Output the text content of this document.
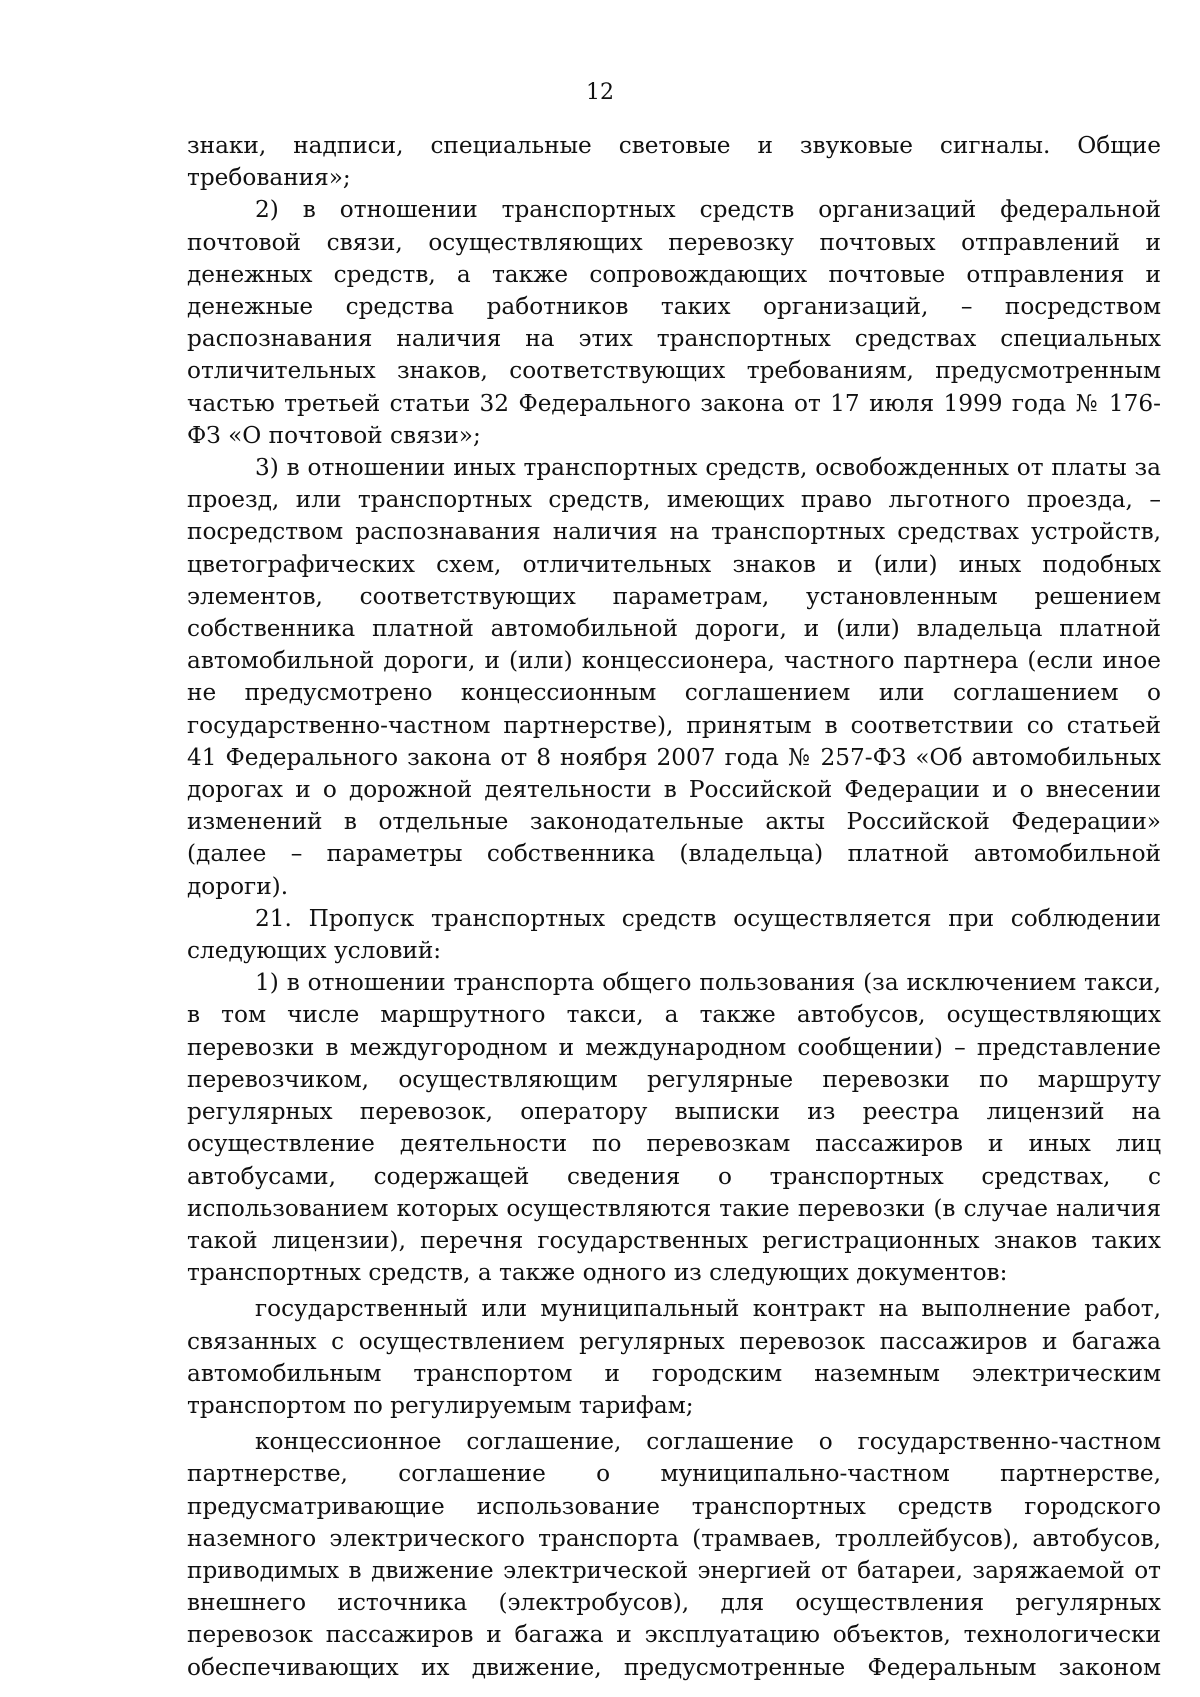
12

знаки, надписи, специальные световые и звуковые сигналы. Общие требования»;

2) в отношении транспортных средств организаций федеральной почтовой связи, осуществляющих перевозку почтовых отправлений и денежных средств, а также сопровождающих почтовые отправления и денежные средства работников таких организаций, – посредством распознавания наличия на этих транспортных средствах специальных отличительных знаков, соответствующих требованиям, предусмотренным частью третьей статьи 32 Федерального закона от 17 июля 1999 года № 176-ФЗ «О почтовой связи»;

3) в отношении иных транспортных средств, освобожденных от платы за проезд, или транспортных средств, имеющих право льготного проезда, – посредством распознавания наличия на транспортных средствах устройств, цветографических схем, отличительных знаков и (или) иных подобных элементов, соответствующих параметрам, установленным решением собственника платной автомобильной дороги, и (или) владельца платной автомобильной дороги, и (или) концессионера, частного партнера (если иное не предусмотрено концессионным соглашением или соглашением о государственно-частном партнерстве), принятым в соответствии со статьей 41 Федерального закона от 8 ноября 2007 года № 257-ФЗ «Об автомобильных дорогах и о дорожной деятельности в Российской Федерации и о внесении изменений в отдельные законодательные акты Российской Федерации» (далее – параметры собственника (владельца) платной автомобильной дороги).

21. Пропуск транспортных средств осуществляется при соблюдении следующих условий:

1) в отношении транспорта общего пользования (за исключением такси, в том числе маршрутного такси, а также автобусов, осуществляющих перевозки в междугородном и международном сообщении) – представление перевозчиком, осуществляющим регулярные перевозки по маршруту регулярных перевозок, оператору выписки из реестра лицензий на осуществление деятельности по перевозкам пассажиров и иных лиц автобусами, содержащей сведения о транспортных средствах, с использованием которых осуществляются такие перевозки (в случае наличия такой лицензии), перечня государственных регистрационных знаков таких транспортных средств, а также одного из следующих документов:

государственный или муниципальный контракт на выполнение работ, связанных с осуществлением регулярных перевозок пассажиров и багажа автомобильным транспортом и городским наземным электрическим транспортом по регулируемым тарифам;

концессионное соглашение, соглашение о государственно-частном партнерстве, соглашение о муниципально-частном партнерстве, предусматривающие использование транспортных средств городского наземного электрического транспорта (трамваев, троллейбусов), автобусов, приводимых в движение электрической энергией от батареи, заряжаемой от внешнего источника (электробусов), для осуществления регулярных перевозок пассажиров и багажа и эксплуатацию объектов, технологически обеспечивающих их движение, предусмотренные Федеральным законом
